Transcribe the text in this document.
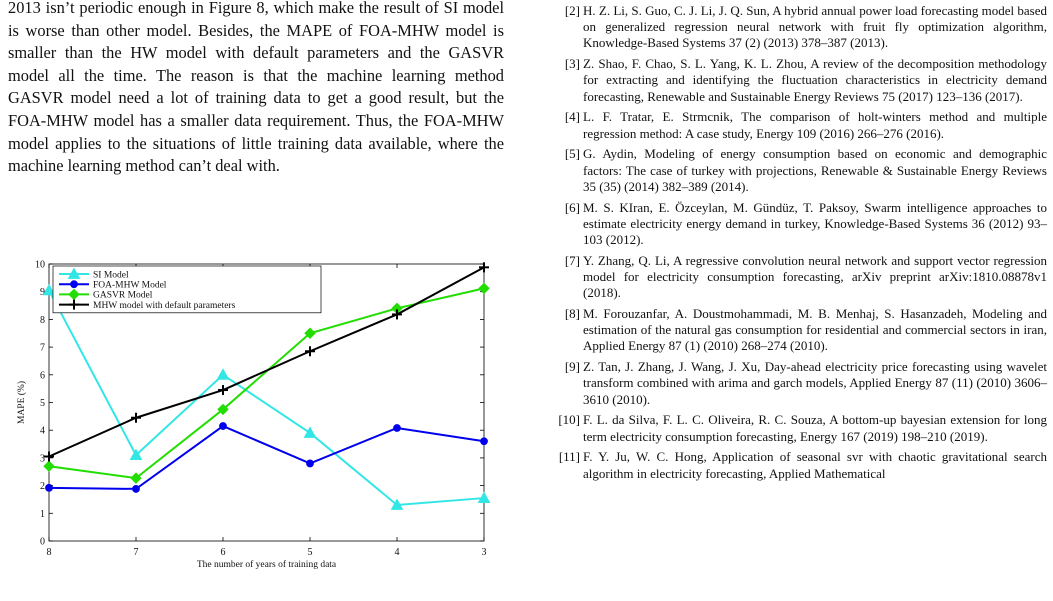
2013 isn’t periodic enough in Figure 8, which make the result of SI model is worse than other model. Besides, the MAPE of FOA-MHW model is smaller than the HW model with default parameters and the GASVR model all the time. The reason is that the machine learning method GASVR model need a lot of training data to get a good result, but the FOA-MHW model has a smaller data requirement. Thus, the FOA-MHW model applies to the situations of little training data available, where the machine learning method can’t deal with.

0
1
2
3
4
5
6
7
8
9
10
8	7	6	5	4	3
The number of years of training data
MAPE (%)
SI Model
FOA-MHW Model
GASVR Model
MHW model with default parameters
[2] H. Z. Li, S. Guo, C. J. Li, J. Q. Sun, A hybrid annual power load forecasting model based on generalized regression neural network with fruit fly optimization algorithm, Knowledge-Based Systems 37 (2) (2013) 378–387 (2013).
[3] Z. Shao, F. Chao, S. L. Yang, K. L. Zhou, A review of the decomposition methodology for extracting and identifying the fluctuation characteristics in electricity demand forecasting, Renewable and Sustainable Energy Reviews 75 (2017) 123–136 (2017).
[4] L. F. Tratar, E. Strmcnik, The comparison of holt-winters method and multiple regression method: A case study, Energy 109 (2016) 266–276 (2016).
[5] G. Aydin, Modeling of energy consumption based on economic and demographic factors: The case of turkey with projections, Renewable & Sustainable Energy Reviews 35 (35) (2014) 382–389 (2014).
[6] M. S. KIran, E. Özceylan, M. Gündüz, T. Paksoy, Swarm intelligence approaches to estimate electricity energy demand in turkey, Knowledge-Based Systems 36 (2012) 93–103 (2012).
[7] Y. Zhang, Q. Li, A regressive convolution neural network and support vector regression model for electricity consumption forecasting, arXiv preprint arXiv:1810.08878v1 (2018).
[8] M. Forouzanfar, A. Doustmohammadi, M. B. Menhaj, S. Hasanzadeh, Modeling and estimation of the natural gas consumption for residential and commercial sectors in iran, Applied Energy 87 (1) (2010) 268–274 (2010).
[9] Z. Tan, J. Zhang, J. Wang, J. Xu, Day-ahead electricity price forecasting using wavelet transform combined with arima and garch models, Applied Energy 87 (11) (2010) 3606–3610 (2010).
[10] F. L. da Silva, F. L. C. Oliveira, R. C. Souza, A bottom-up bayesian extension for long term electricity consumption forecasting, Energy 167 (2019) 198–210 (2019).
[11] F. Y. Ju, W. C. Hong, Application of seasonal svr with chaotic gravitational search algorithm in electricity forecasting, Applied Mathematical
